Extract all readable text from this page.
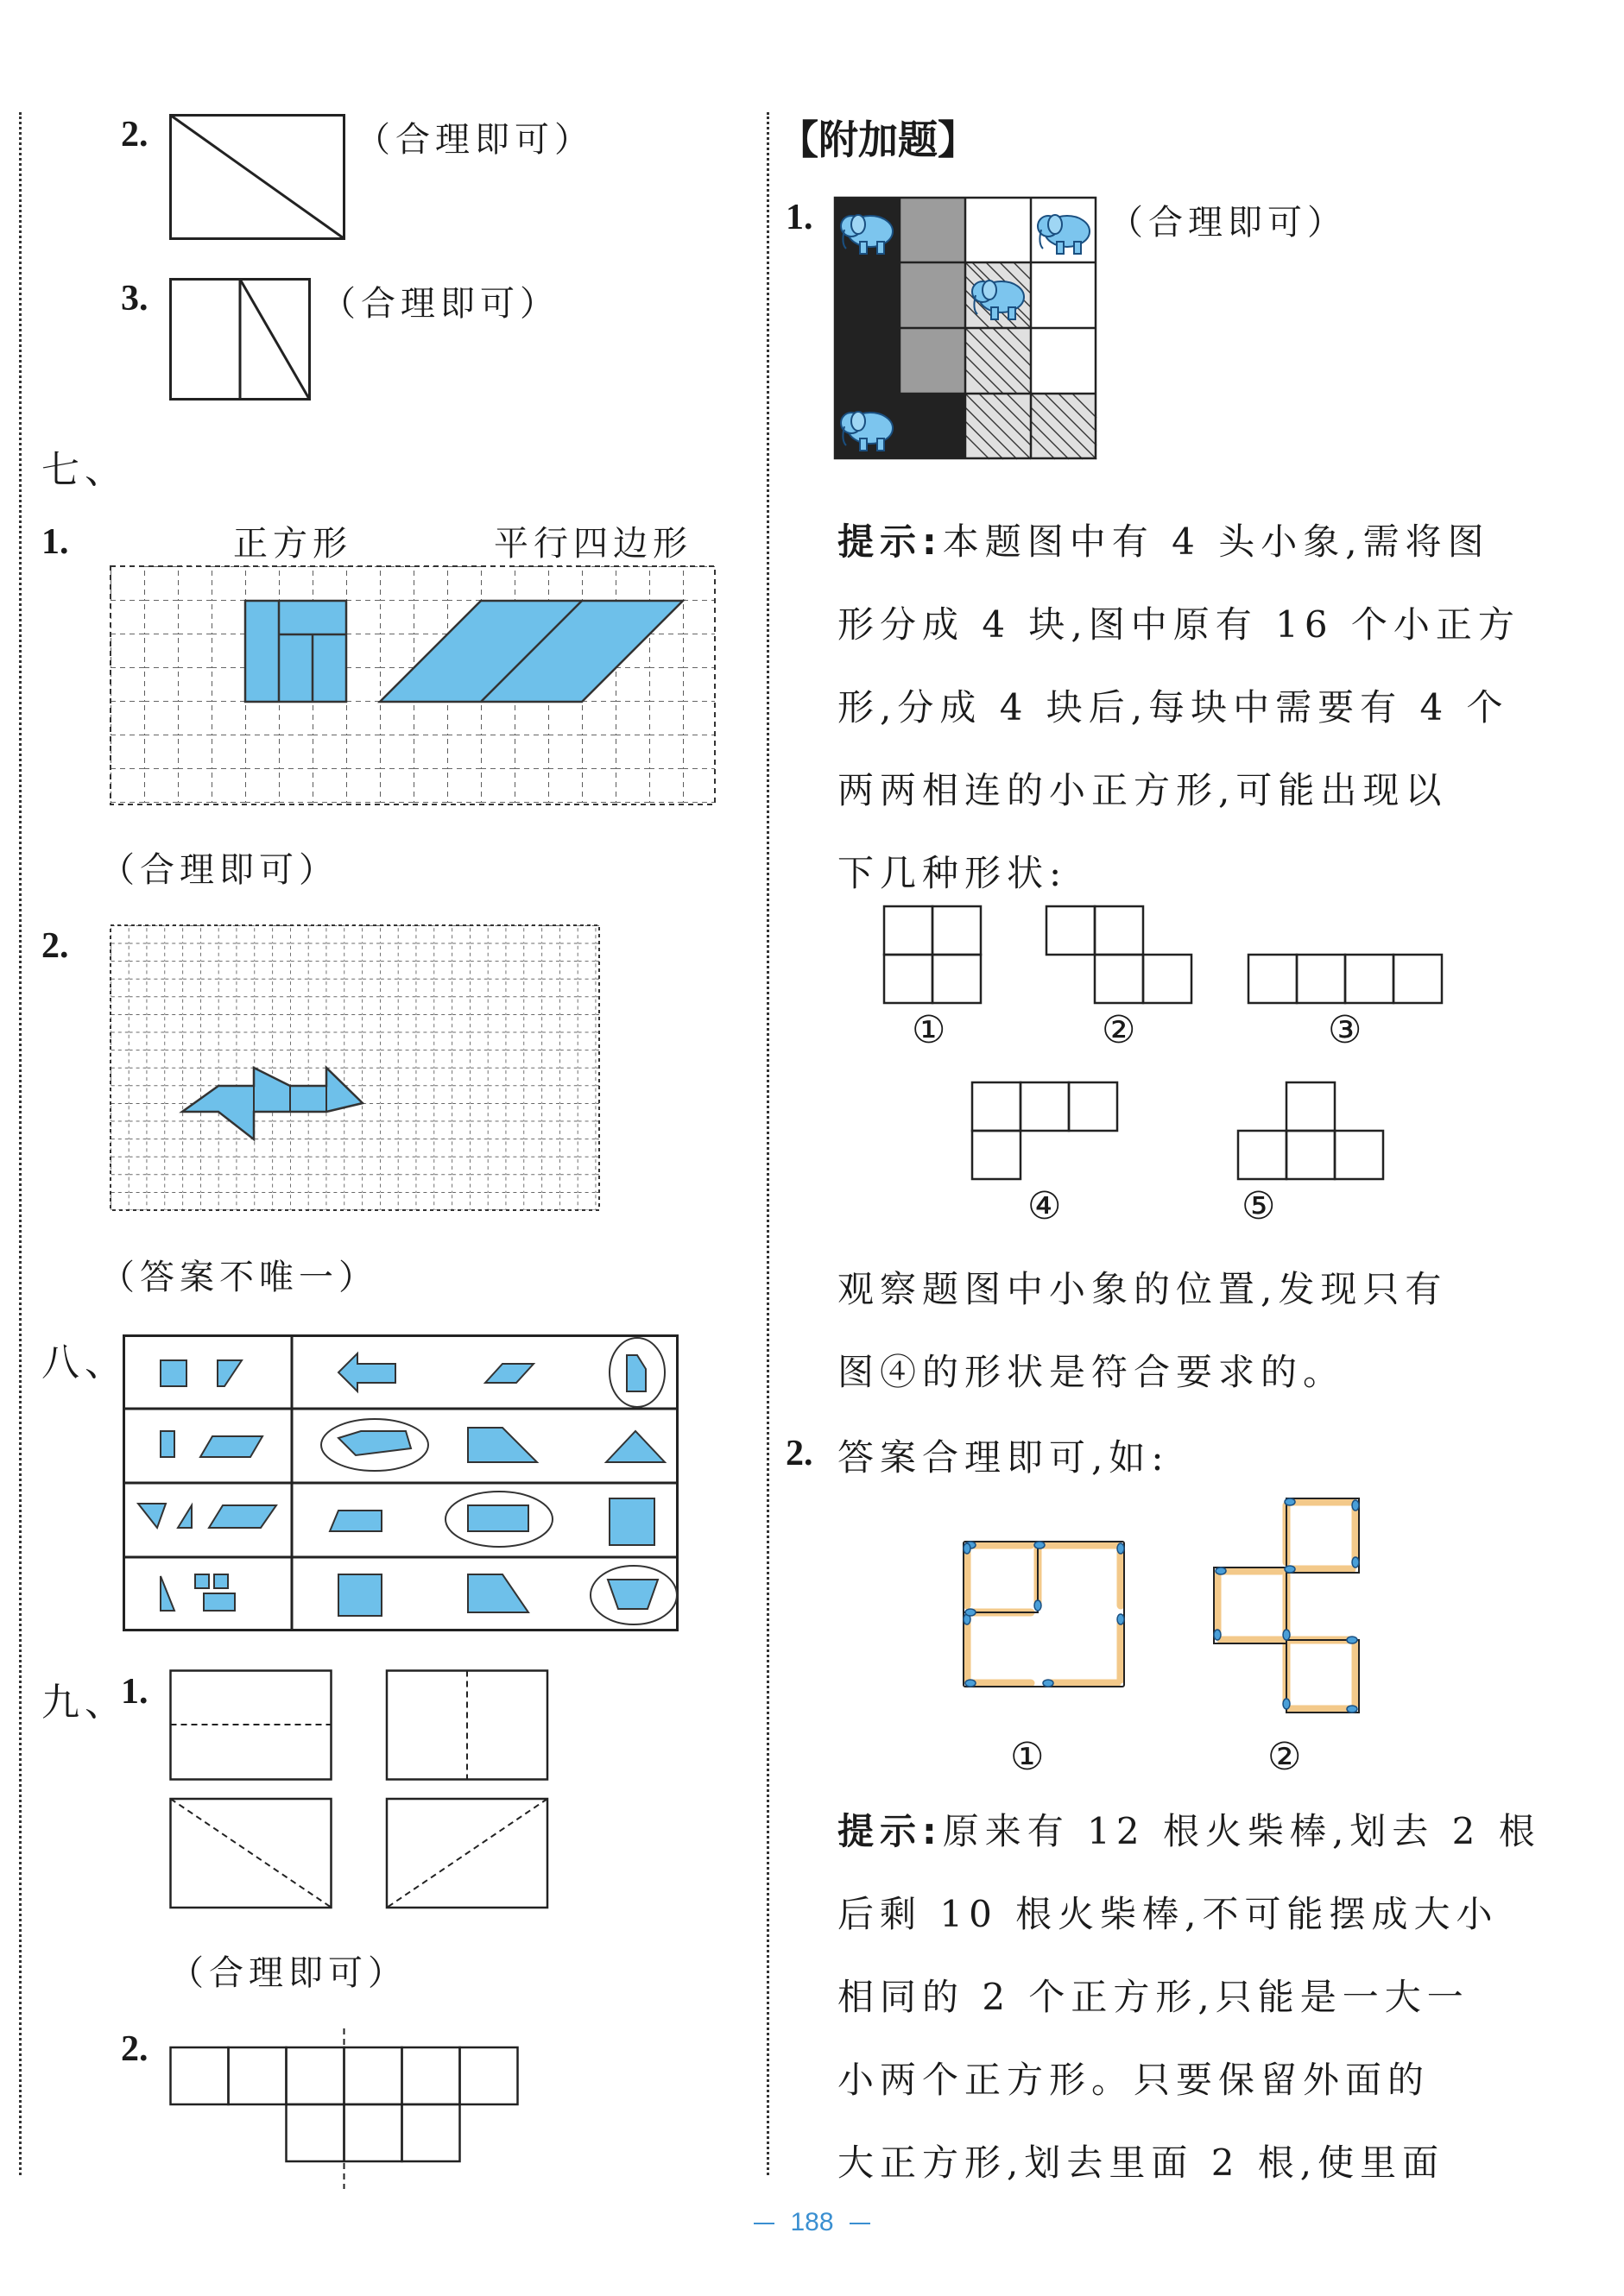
2.	（合理即可）
3.	（合理即可）
七、
1.	正方形	平行四边形
（合理即可）
2.
（答案不唯一）
八、
九、
1.
（合理即可）
2.
【附加题】
1.	（合理即可）
提示:本题图中有 4 头小象,需将图
形分成 4 块,图中原有 16 个小正方
形,分成 4 块后,每块中需要有 4 个
两两相连的小正方形,可能出现以
下几种形状:
①	②	③
④	⑤
观察题图中小象的位置,发现只有
图④的形状是符合要求的。
2. 答案合理即可,如:
①	②
提示:原来有 12 根火柴棒,划去 2 根
后剩 10 根火柴棒,不可能摆成大小
相同的 2 个正方形,只能是一大一
小两个正方形。只要保留外面的
大正方形,划去里面 2 根,使里面
188
